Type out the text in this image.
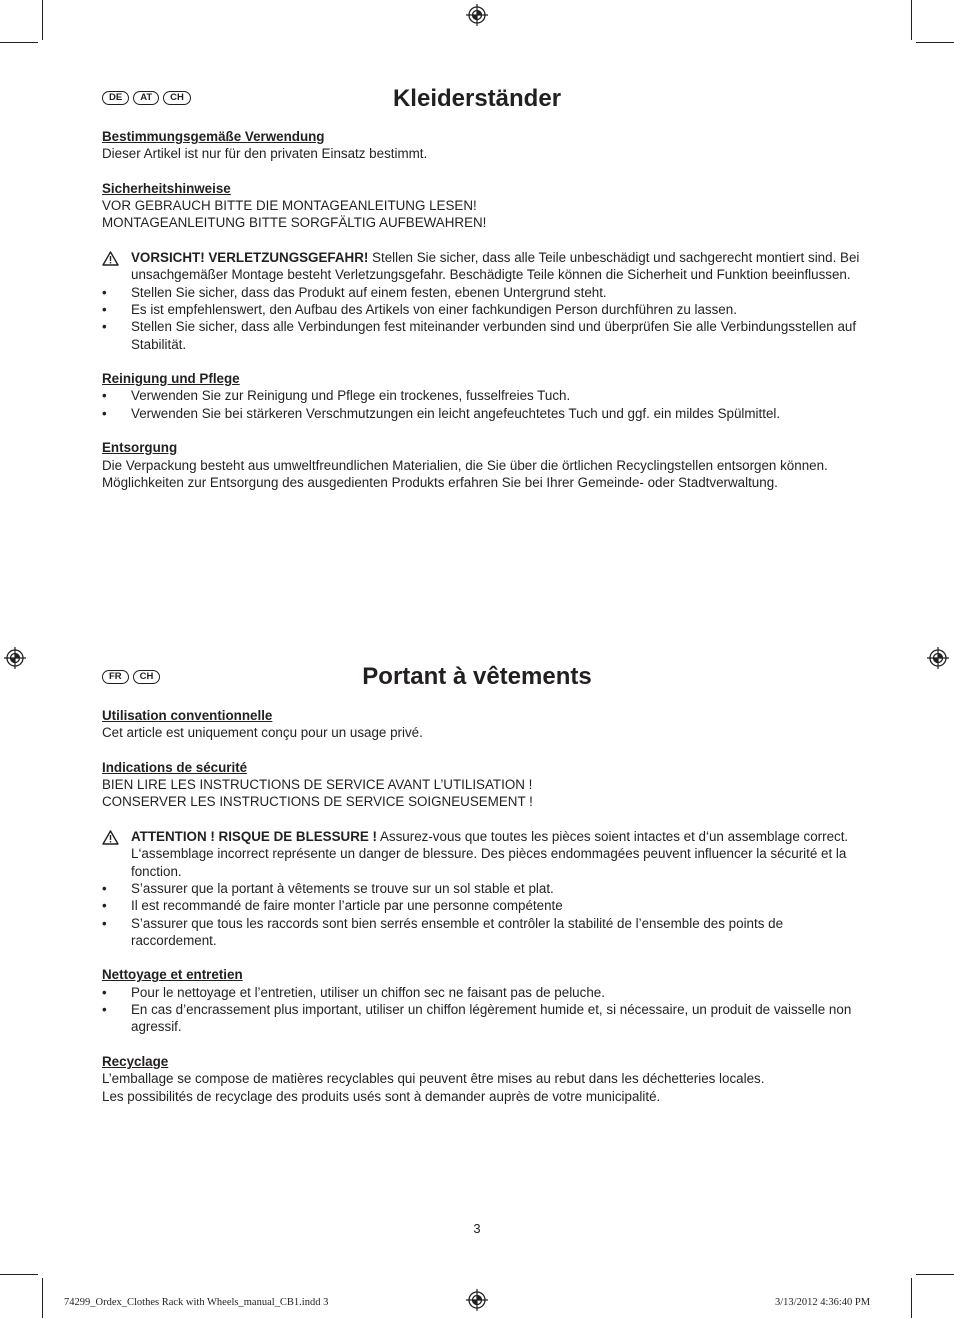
DE	AT	CH	Kleiderständer
Bestimmungsgemäße Verwendung
Dieser Artikel ist nur für den privaten Einsatz bestimmt.
Sicherheitshinweise
VOR GEBRAUCH BITTE DIE MONTAGEANLEITUNG LESEN!
MONTAGEANLEITUNG BITTE SORGFÄLTIG AUFBEWAHREN!
VORSICHT! VERLETZUNGSGEFAHR! Stellen Sie sicher, dass alle Teile unbeschädigt und sachgerecht montiert sind. Bei unsachgemäßer Montage besteht Verletzungsgefahr. Beschädigte Teile können die Sicherheit und Funktion beeinflussen.
•	Stellen Sie sicher, dass das Produkt auf einem festen, ebenen Untergrund steht.
•	Es ist empfehlenswert, den Aufbau des Artikels von einer fachkundigen Person durchführen zu lassen.
•	Stellen Sie sicher, dass alle Verbindungen fest miteinander verbunden sind und überprüfen Sie alle Verbindungsstellen auf Stabilität.
Reinigung und Pflege
•	Verwenden Sie zur Reinigung und Pflege ein trockenes, fusselfreies Tuch.
•	Verwenden Sie bei stärkeren Verschmutzungen ein leicht angefeuchtetes Tuch und ggf. ein mildes Spülmittel.
Entsorgung
Die Verpackung besteht aus umweltfreundlichen Materialien, die Sie über die örtlichen Recyclingstellen entsorgen können.
Möglichkeiten zur Entsorgung des ausgedienten Produkts erfahren Sie bei Ihrer Gemeinde- oder Stadtverwaltung.
FR	CH	Portant à vêtements
Utilisation conventionnelle
Cet article est uniquement conçu pour un usage privé.
Indications de sécurité
BIEN LIRE LES INSTRUCTIONS DE SERVICE AVANT L’UTILISATION !
CONSERVER LES INSTRUCTIONS DE SERVICE SOIGNEUSEMENT !
ATTENTION ! RISQUE DE BLESSURE ! Assurez-vous que toutes les pièces soient intactes et d‘un assemblage correct. L‘assemblage incorrect représente un danger de blessure. Des pièces endommagées peuvent influencer la sécurité et la fonction.
•	S’assurer que la portant à vêtements se trouve sur un sol stable et plat.
•	Il est recommandé de faire monter l’article par une personne compétente
•	S’assurer que tous les raccords sont bien serrés ensemble et contrôler la stabilité de l’ensemble des points de raccordement.
Nettoyage et entretien
•	Pour le nettoyage et l’entretien, utiliser un chiffon sec ne faisant pas de peluche.
•	En cas d’encrassement plus important, utiliser un chiffon légèrement humide et, si nécessaire, un produit de vaisselle non agressif.
Recyclage
L’emballage se compose de matières recyclables qui peuvent être mises au rebut dans les déchetteries locales.
Les possibilités de recyclage des produits usés sont à demander auprès de votre municipalité.
3
74299_Ordex_Clothes Rack with Wheels_manual_CB1.indd 3	3/13/2012 4:36:40 PM
